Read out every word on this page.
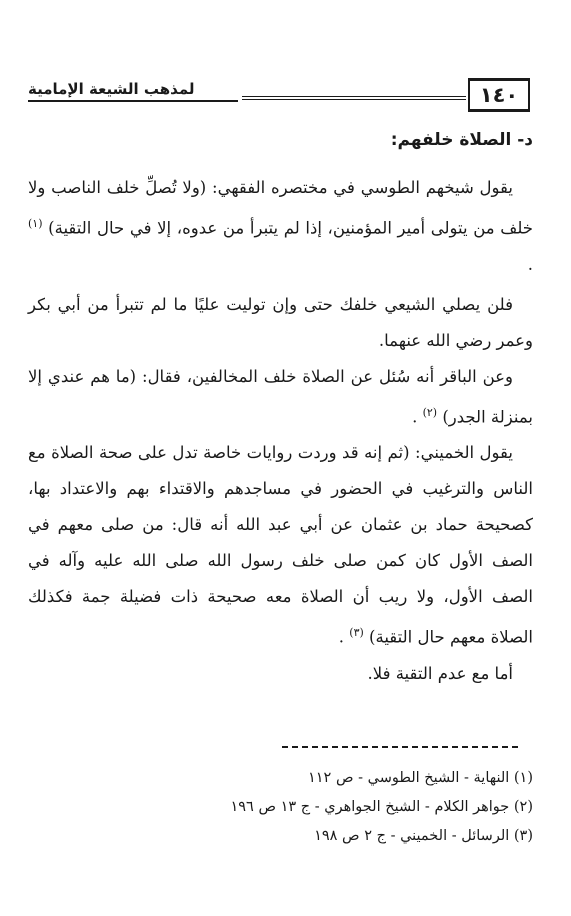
١٤٠
لمذهب الشيعة الإمامية
د- الصلاة خلفهم:

يقول شيخهم الطوسي في مختصره الفقهي: (ولا تُصلِّ خلف الناصب ولا خلف من يتولى أمير المؤمنين، إذا لم يتبرأ من عدوه، إلا في حال التقية) $^{(١)}$ .

فلن يصلي الشيعي خلفك حتى وإن توليت عليًا ما لم تتبرأ من أبي بكر وعمر رضي الله عنهما.

وعن الباقر أنه سُئل عن الصلاة خلف المخالفين، فقال: (ما هم عندي إلا بمنزلة الجدر) $^{(٢)}$ .

يقول الخميني: (ثم إنه قد وردت روايات خاصة تدل على صحة الصلاة مع الناس والترغيب في الحضور في مساجدهم والاقتداء بهم والاعتداد بها، كصحيحة حماد بن عثمان عن أبي عبد الله أنه قال: من صلى معهم في الصف الأول كان كمن صلى خلف رسول الله صلى الله عليه وآله في الصف الأول، ولا ريب أن الصلاة معه صحيحة ذات فضيلة جمة فكذلك الصلاة معهم حال التقية) $^{(٣)}$ .

أما مع عدم التقية فلا.

(١) النهاية - الشيخ الطوسي - ص ١١٢
(٢) جواهر الكلام - الشيخ الجواهري - ج ١٣ ص ١٩٦
(٣) الرسائل - الخميني - ج ٢ ص ١٩٨
